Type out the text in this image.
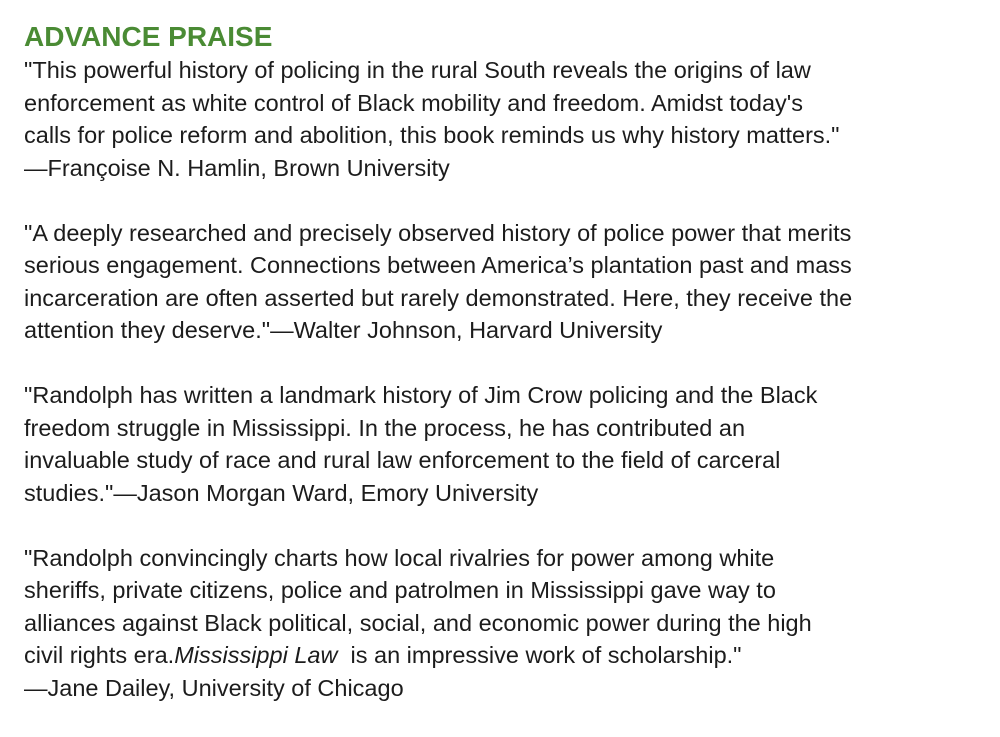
ADVANCE PRAISE
"This powerful history of policing in the rural South reveals the origins of law
enforcement as white control of Black mobility and freedom. Amidst today's
calls for police reform and abolition, this book reminds us why history matters."
—Françoise N. Hamlin, Brown University
"A deeply researched and precisely observed history of police power that merits
serious engagement. Connections between America’s plantation past and mass
incarceration are often asserted but rarely demonstrated. Here, they receive the
attention they deserve."—Walter Johnson, Harvard University
"Randolph has written a landmark history of Jim Crow policing and the Black
freedom struggle in Mississippi. In the process, he has contributed an
invaluable study of race and rural law enforcement to the field of carceral
studies."—Jason Morgan Ward, Emory University
"Randolph convincingly charts how local rivalries for power among white
sheriffs, private citizens, police and patrolmen in Mississippi gave way to
alliances against Black political, social, and economic power during the high
civil rights era.Mississippi Law  is an impressive work of scholarship."
—Jane Dailey, University of Chicago
